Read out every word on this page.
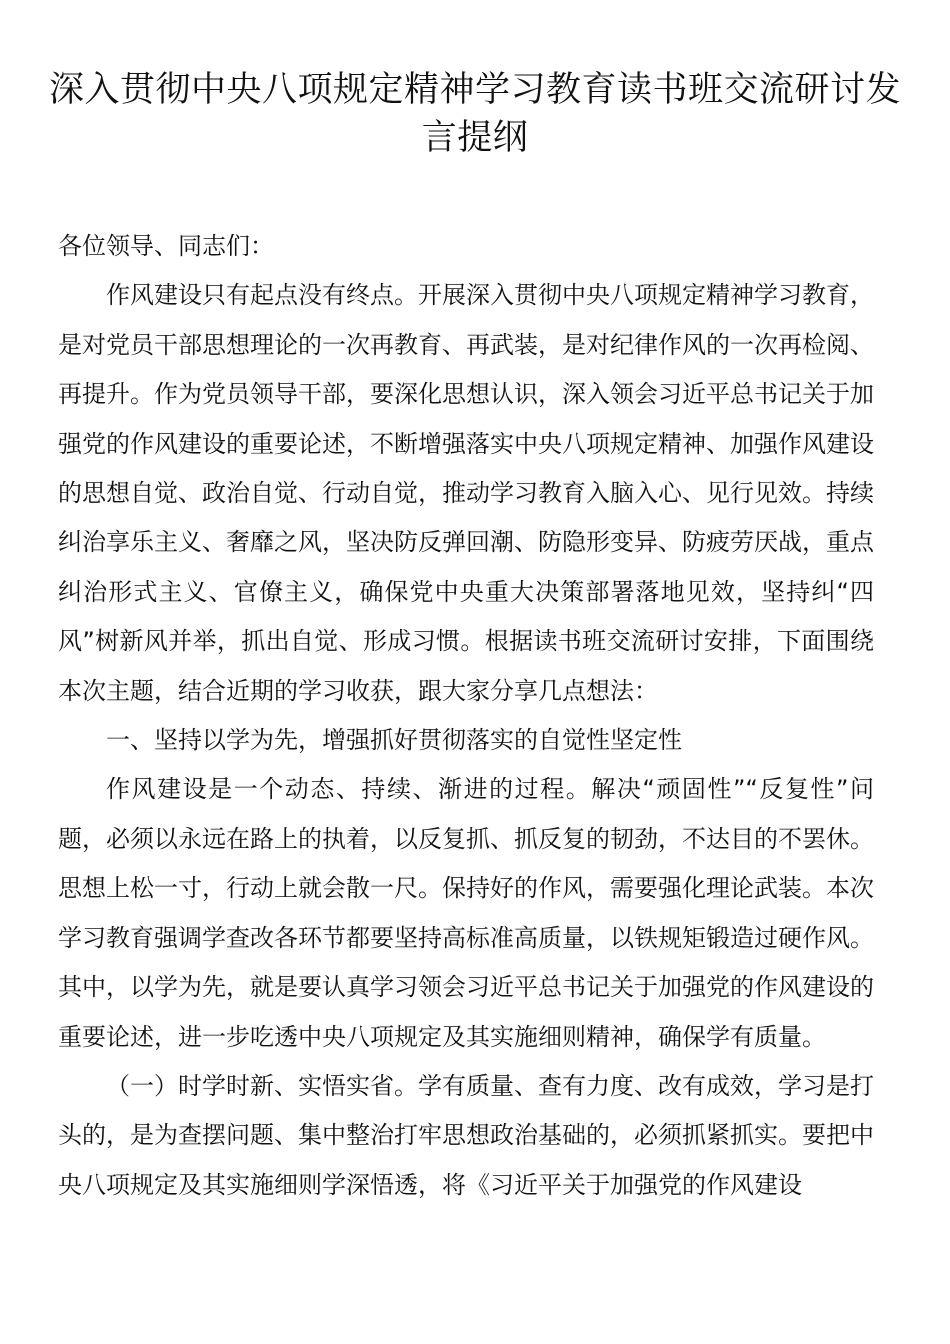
深入贯彻中央八项规定精神学习教育读书班交流研讨发言提纲

各位领导、同志们：

作风建设只有起点没有终点。开展深入贯彻中央八项规定精神学习教育，是对党员干部思想理论的一次再教育、再武装，是对纪律作风的一次再检阅、再提升。作为党员领导干部，要深化思想认识，深入领会习近平总书记关于加强党的作风建设的重要论述，不断增强落实中央八项规定精神、加强作风建设的思想自觉、政治自觉、行动自觉，推动学习教育入脑入心、见行见效。持续纠治享乐主义、奢靡之风，坚决防反弹回潮、防隐形变异、防疲劳厌战，重点纠治形式主义、官僚主义，确保党中央重大决策部署落地见效，坚持纠“四风”树新风并举，抓出自觉、形成习惯。根据读书班交流研讨安排，下面围绕本次主题，结合近期的学习收获，跟大家分享几点想法：

一、坚持以学为先，增强抓好贯彻落实的自觉性坚定性

作风建设是一个动态、持续、渐进的过程。解决“顽固性”“反复性”问题，必须以永远在路上的执着，以反复抓、抓反复的韧劲，不达目的不罢休。思想上松一寸，行动上就会散一尺。保持好的作风，需要强化理论武装。本次学习教育强调学查改各环节都要坚持高标准高质量，以铁规矩锻造过硬作风。其中，以学为先，就是要认真学习领会习近平总书记关于加强党的作风建设的重要论述，进一步吃透中央八项规定及其实施细则精神，确保学有质量。

（一）时学时新、实悟实省。学有质量、查有力度、改有成效，学习是打头的，是为查摆问题、集中整治打牢思想政治基础的，必须抓紧抓实。要把中央八项规定及其实施细则学深悟透，将《习近平关于加强党的作风建设
